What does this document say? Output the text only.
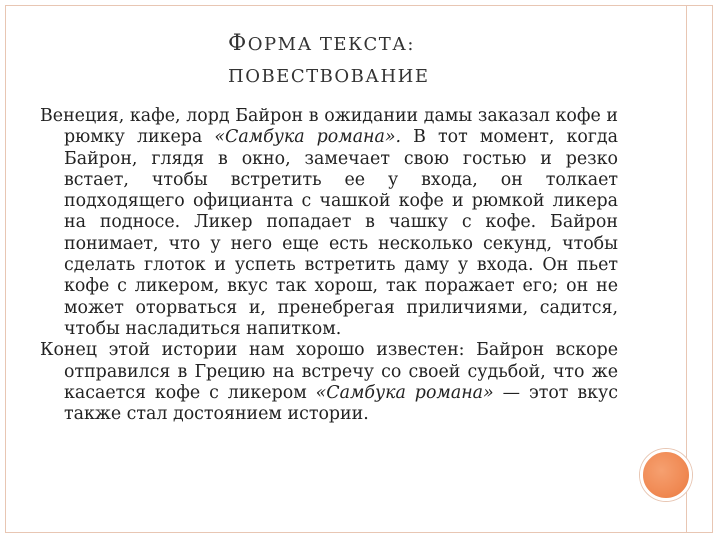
ФОРМА ТЕКСТА:
ПОВЕСТВОВАНИЕ

Венеция, кафе, лорд Байрон в ожидании дамы заказал кофе и рюмку ликера «Самбука романа». В тот момент, когда Байрон, глядя в окно, замечает свою гостью и резко встает, чтобы встретить ее у входа, он толкает подходящего официанта с чашкой кофе и рюмкой ликера на подносе. Ликер попадает в чашку с кофе. Байрон понимает, что у него еще есть несколько секунд, чтобы сделать глоток и успеть встретить даму у входа. Он пьет кофе с ликером, вкус так хорош, так поражает его; он не может оторваться и, пренебрегая приличиями, садится, чтобы насладиться напитком.

Конец этой истории нам хорошо известен: Байрон вскоре отправился в Грецию на встречу со своей судьбой, что же касается кофе с ликером «Самбука романа» — этот вкус также стал достоянием истории.
